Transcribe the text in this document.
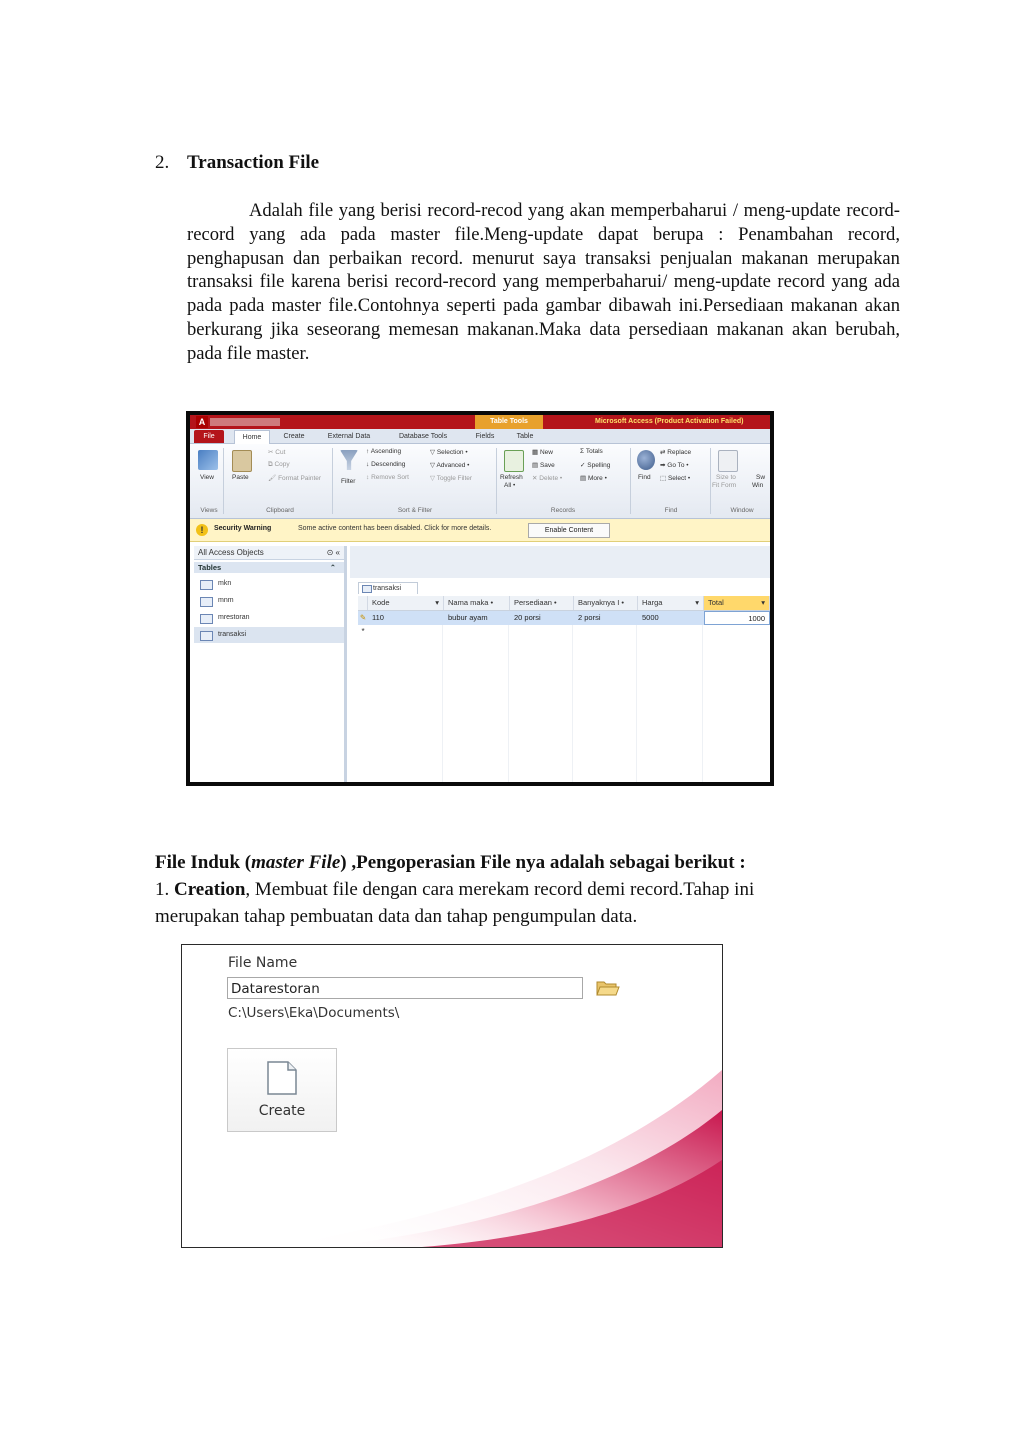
2. Transaction File
Adalah file yang berisi record-recod yang akan memperbaharui / meng-update record-record yang ada pada master file.Meng-update dapat berupa : Penambahan record, penghapusan dan perbaikan record. menurut saya transaksi penjualan makanan merupakan transaksi file karena berisi record-record yang memperbaharui/ meng-update record yang ada pada pada master file.Contohnya seperti pada gambar dibawah ini.Persediaan makanan akan berkurang jika seseorang memesan makanan.Maka data persediaan makanan akan berubah, pada file master.
A	Table Tools	Microsoft Access (Product Activation Failed)
File	Home	Create	External Data	Database Tools	Fields	Table
View	Paste
✂ Cut
⧉ Copy
🖌 Format Painter	Filter
↑ Ascending
↓ Descending
↕ Remove Sort
▽ Selection •
▽ Advanced •
▽ Toggle Filter	Refresh
All •
▦ New
▤ Save
✕ Delete •
Σ Totals
✓ Spelling
▤ More •	Find
⇄ Replace
➡ Go To •
⬚ Select •	Size to
Fit Form
Sw
Win
Views	Clipboard	Sort & Filter	Records	Find	Window
!	Security Warning	Some active content has been disabled. Click for more details.	Enable Content
All Access Objects	⊙ «
Tables	⌃
mkn
mnm
mrestoran
transaksi
transaksi
Kode	▾	Nama maka •	Persediaan •	Banyaknya I •	Harga	▾	Total	▾
✎ 110	bubur ayam	20 porsi	2 porsi	5000	1000
*
File Induk (master File) ,Pengoperasian File nya adalah sebagai berikut :
1. Creation, Membuat file dengan cara merekam record demi record.Tahap ini
merupakan tahap pembuatan data dan tahap pengumpulan data.
File Name
Datarestoran
C:\Users\Eka\Documents\
Create
